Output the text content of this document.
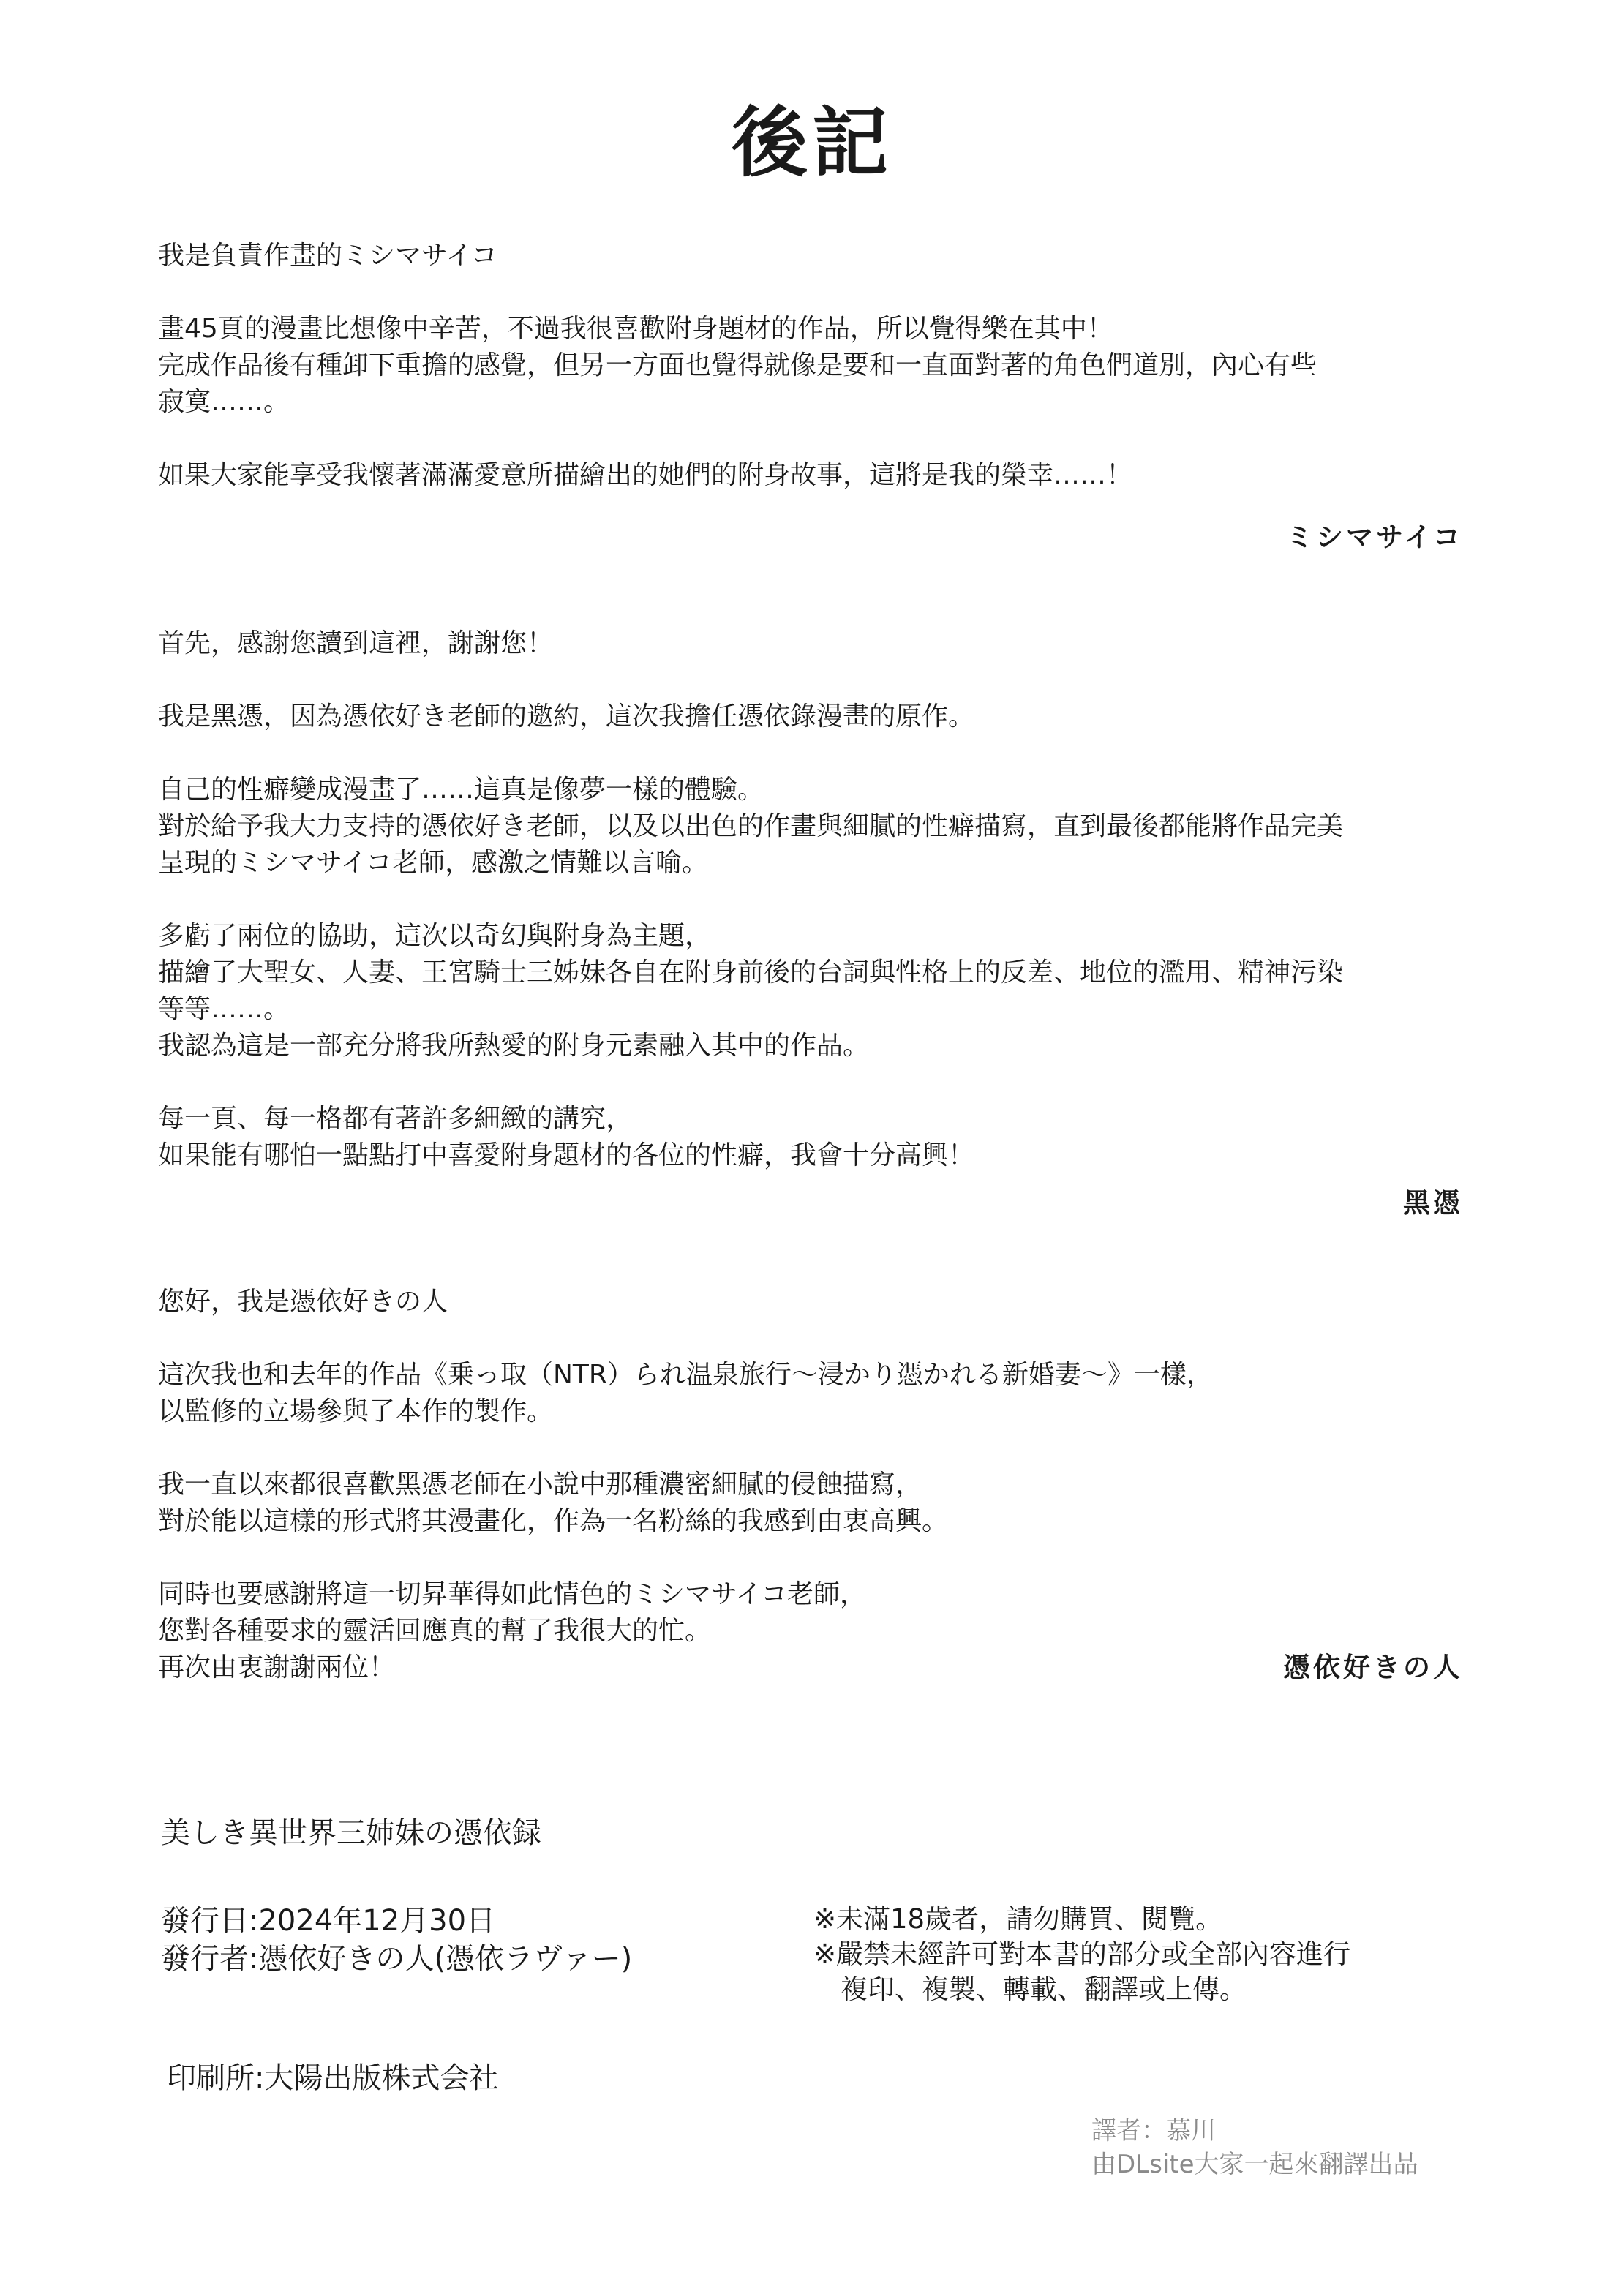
後記

我是負責作畫的ミシマサイコ

畫45頁的漫畫比想像中辛苦，不過我很喜歡附身題材的作品，所以覺得樂在其中！

完成作品後有種卸下重擔的感覺，但另一方面也覺得就像是要和一直面對著的角色們道別，內心有些

寂寞……。

如果大家能享受我懷著滿滿愛意所描繪出的她們的附身故事，這將是我的榮幸……！

ミシマサイコ

首先，感謝您讀到這裡，謝謝您！

我是黑憑，因為憑依好き老師的邀約，這次我擔任憑依錄漫畫的原作。

自己的性癖變成漫畫了……這真是像夢一樣的體驗。

對於給予我大力支持的憑依好き老師，以及以出色的作畫與細膩的性癖描寫，直到最後都能將作品完美

呈現的ミシマサイコ老師，感激之情難以言喻。

多虧了兩位的協助，這次以奇幻與附身為主題，

描繪了大聖女、人妻、王宮騎士三姊妹各自在附身前後的台詞與性格上的反差、地位的濫用、精神污染

等等……。

我認為這是一部充分將我所熱愛的附身元素融入其中的作品。

每一頁、每一格都有著許多細緻的講究，

如果能有哪怕一點點打中喜愛附身題材的各位的性癖，我會十分高興！

黑憑

您好，我是憑依好きの人

這次我也和去年的作品《乗っ取（NTR）られ温泉旅行〜浸かり憑かれる新婚妻〜》一樣，

以監修的立場參與了本作的製作。

我一直以來都很喜歡黑憑老師在小說中那種濃密細膩的侵蝕描寫，

對於能以這樣的形式將其漫畫化，作為一名粉絲的我感到由衷高興。

同時也要感謝將這一切昇華得如此情色的ミシマサイコ老師，

您對各種要求的靈活回應真的幫了我很大的忙。

再次由衷謝謝兩位！	憑依好きの人

美しき異世界三姉妹の憑依録

發行日:2024年12月30日

發行者:憑依好きの人(憑依ラヴァー)

印刷所:大陽出版株式会社

※未滿18歲者，請勿購買、閱覽。

※嚴禁未經許可對本書的部分或全部內容進行

　複印、複製、轉載、翻譯或上傳。

譯者：慕川

由DLsite大家一起來翻譯出品
